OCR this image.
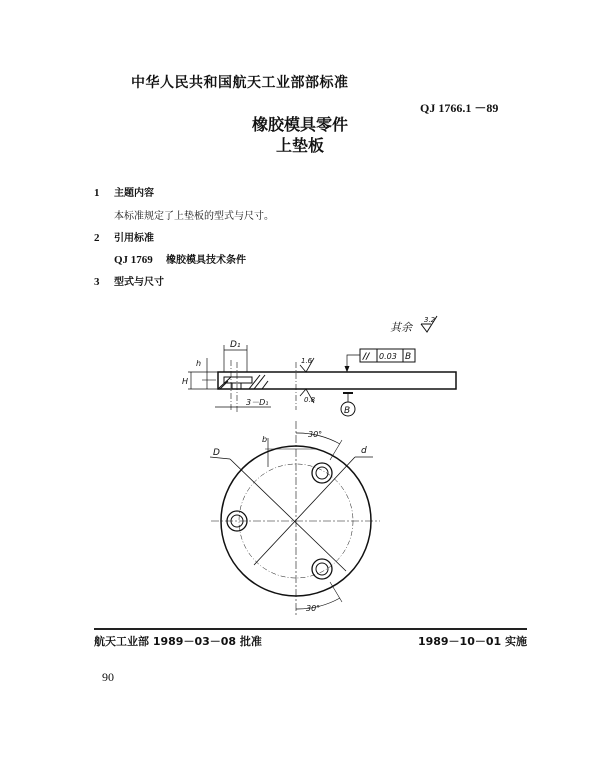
中华人民共和国航天工业部部标准
QJ 1766.1 －89
橡胶模具零件
上垫板
1 主题内容
本标准规定了上垫板的型式与尺寸。
2 引用标准
QJ 1769 橡胶模具技术条件
3 型式与尺寸
其余
3.2
D₁
h
H
3－D₁
1.6
0.8
// 0.03 B
B
D	d
b
30°
30°
航天工业部 1989－03－08 批准	1989－10－01 实施
90
